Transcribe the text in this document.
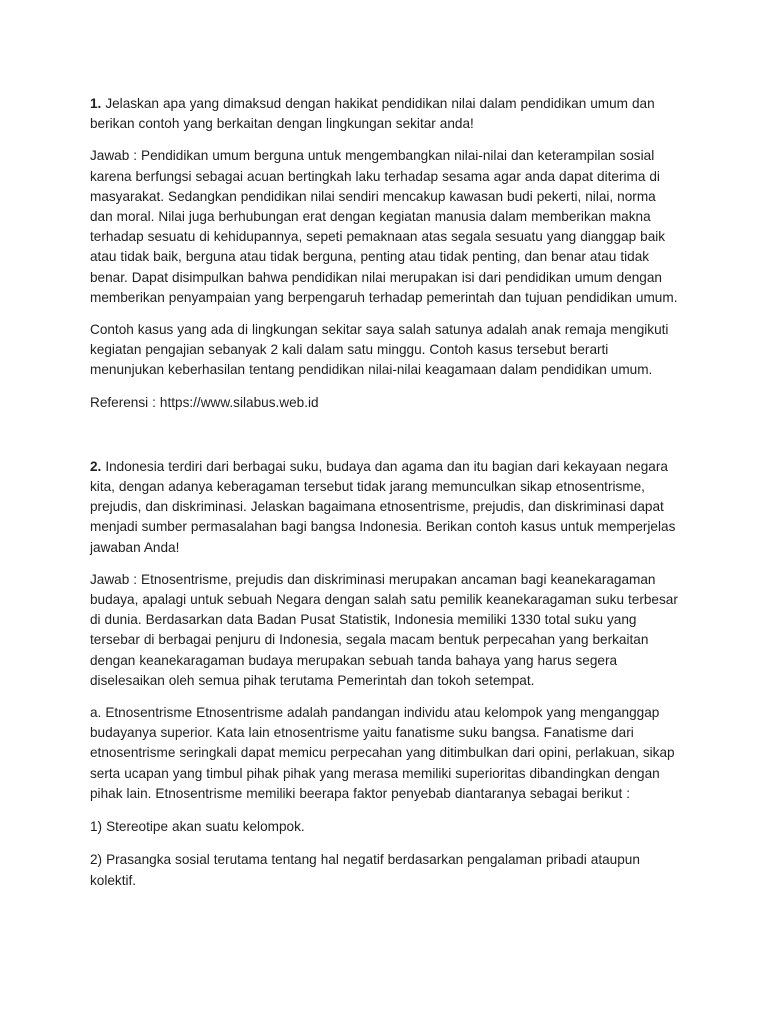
1. Jelaskan apa yang dimaksud dengan hakikat pendidikan nilai dalam pendidikan umum dan berikan contoh yang berkaitan dengan lingkungan sekitar anda!

Jawab : Pendidikan umum berguna untuk mengembangkan nilai-nilai dan keterampilan sosial karena berfungsi sebagai acuan bertingkah laku terhadap sesama agar anda dapat diterima di masyarakat. Sedangkan pendidikan nilai sendiri mencakup kawasan budi pekerti, nilai, norma dan moral. Nilai juga berhubungan erat dengan kegiatan manusia dalam memberikan makna terhadap sesuatu di kehidupannya, sepeti pemaknaan atas segala sesuatu yang dianggap baik atau tidak baik, berguna atau tidak berguna, penting atau tidak penting, dan benar atau tidak benar. Dapat disimpulkan bahwa pendidikan nilai merupakan isi dari pendidikan umum dengan memberikan penyampaian yang berpengaruh terhadap pemerintah dan tujuan pendidikan umum.

Contoh kasus yang ada di lingkungan sekitar saya salah satunya adalah anak remaja mengikuti kegiatan pengajian sebanyak 2 kali dalam satu minggu. Contoh kasus tersebut berarti menunjukan keberhasilan tentang pendidikan nilai-nilai keagamaan dalam pendidikan umum.

Referensi : https://www.silabus.web.id

2. Indonesia terdiri dari berbagai suku, budaya dan agama dan itu bagian dari kekayaan negara kita, dengan adanya keberagaman tersebut tidak jarang memunculkan sikap etnosentrisme, prejudis, dan diskriminasi. Jelaskan bagaimana etnosentrisme, prejudis, dan diskriminasi dapat menjadi sumber permasalahan bagi bangsa Indonesia. Berikan contoh kasus untuk memperjelas jawaban Anda!

Jawab : Etnosentrisme, prejudis dan diskriminasi merupakan ancaman bagi keanekaragaman budaya, apalagi untuk sebuah Negara dengan salah satu pemilik keanekaragaman suku terbesar di dunia. Berdasarkan data Badan Pusat Statistik, Indonesia memiliki 1330 total suku yang tersebar di berbagai penjuru di Indonesia, segala macam bentuk perpecahan yang berkaitan dengan keanekaragaman budaya merupakan sebuah tanda bahaya yang harus segera diselesaikan oleh semua pihak terutama Pemerintah dan tokoh setempat.

a. Etnosentrisme Etnosentrisme adalah pandangan individu atau kelompok yang menganggap budayanya superior. Kata lain etnosentrisme yaitu fanatisme suku bangsa. Fanatisme dari etnosentrisme seringkali dapat memicu perpecahan yang ditimbulkan dari opini, perlakuan, sikap serta ucapan yang timbul pihak pihak yang merasa memiliki superioritas dibandingkan dengan pihak lain. Etnosentrisme memiliki beerapa faktor penyebab diantaranya sebagai berikut :

1) Stereotipe akan suatu kelompok.

2) Prasangka sosial terutama tentang hal negatif berdasarkan pengalaman pribadi ataupun kolektif.
